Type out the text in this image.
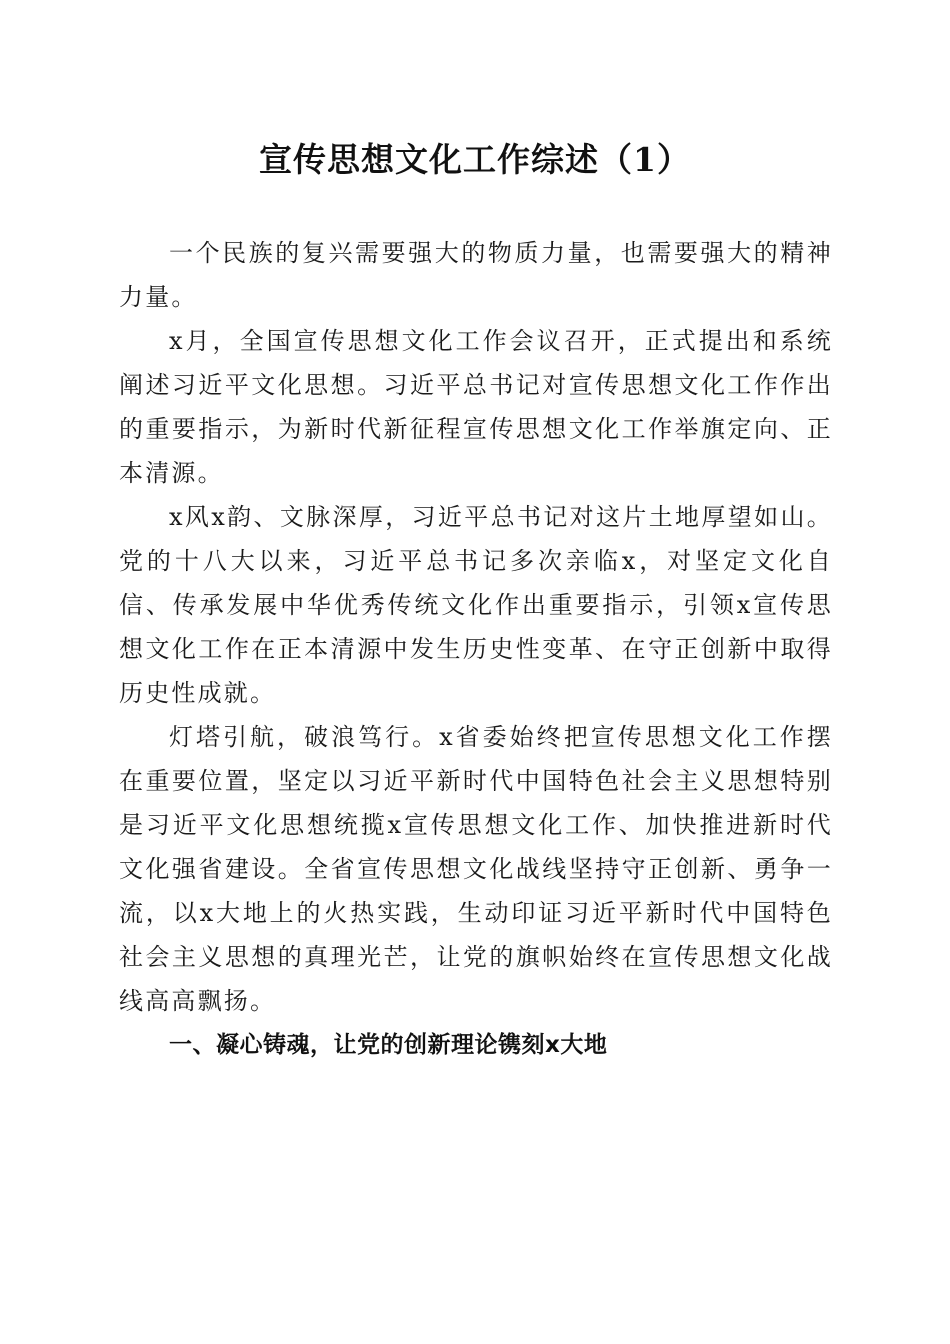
宣传思想文化工作综述（1）

一个民族的复兴需要强大的物质力量，也需要强大的精神力量。

x月，全国宣传思想文化工作会议召开，正式提出和系统阐述习近平文化思想。习近平总书记对宣传思想文化工作作出的重要指示，为新时代新征程宣传思想文化工作举旗定向、正本清源。

x风x韵、文脉深厚，习近平总书记对这片土地厚望如山。党的十八大以来，习近平总书记多次亲临x，对坚定文化自信、传承发展中华优秀传统文化作出重要指示，引领x宣传思想文化工作在正本清源中发生历史性变革、在守正创新中取得历史性成就。

灯塔引航，破浪笃行。x省委始终把宣传思想文化工作摆在重要位置，坚定以习近平新时代中国特色社会主义思想特别是习近平文化思想统揽x宣传思想文化工作、加快推进新时代文化强省建设。全省宣传思想文化战线坚持守正创新、勇争一流，以x大地上的火热实践，生动印证习近平新时代中国特色社会主义思想的真理光芒，让党的旗帜始终在宣传思想文化战线高高飘扬。

一、凝心铸魂，让党的创新理论镌刻x大地
